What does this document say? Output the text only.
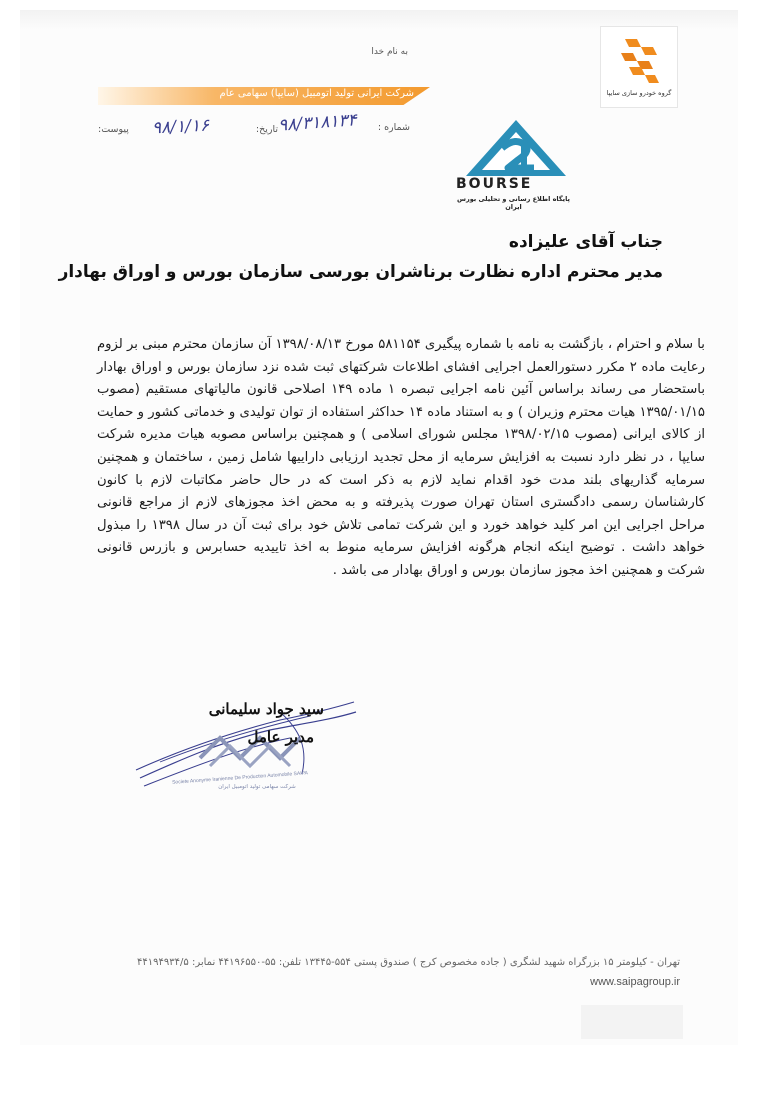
به نام خدا
گروه خودرو سازی سایپا
شرکت ایرانی تولید اتومبیل (سایپا) سهامی عام
شماره :
تاریخ:
پیوست:	۹۸/۳۱۸۱۳۴
۹۸/۱/۱۶
BOURSE
پایگاه اطلاع رسانی و تحلیلی بورس ایران
جناب آقای علیزاده
مدیر محترم اداره نظارت برناشران بورسی سازمان بورس و اوراق بهادار

با سلام و احترام ، بازگشت به نامه با شماره پیگیری ۵۸۱۱۵۴ مورخ ۱۳۹۸/۰۸/۱۳ آن سازمان محترم مبنی بر لزوم رعایت ماده ۲ مکرر دستورالعمل اجرایی افشای اطلاعات شرکتهای ثبت شده نزد سازمان بورس و اوراق بهادار باستحضار می رساند براساس آئین نامه اجرایی تبصره ۱ ماده ۱۴۹ اصلاحی قانون مالیاتهای مستقیم (مصوب ۱۳۹۵/۰۱/۱۵ هیات محترم وزیران ) و به استناد ماده ۱۴ حداکثر استفاده از توان تولیدی و خدماتی کشور و حمایت از کالای ایرانی (مصوب ۱۳۹۸/۰۲/۱۵ مجلس شورای اسلامی ) و همچنین براساس مصوبه هیات مدیره شرکت سایپا ، در نظر دارد نسبت به افزایش سرمایه از محل تجدید ارزیابی داراییها شامل زمین ، ساختمان و همچنین سرمایه گذاریهای بلند مدت خود اقدام نماید لازم به ذکر است که در حال حاضر مکاتبات لازم با کانون کارشناسان رسمی دادگستری استان تهران صورت پذیرفته و به محض اخذ مجوزهای لازم از مراجع قانونی مراحل اجرایی این امر کلید خواهد خورد و این شرکت تمامی تلاش خود برای ثبت آن در سال ۱۳۹۸ را مبذول خواهد داشت . توضیح اینکه انجام هرگونه افزایش سرمایه منوط به اخذ تاییدیه حسابرس و بازرس قانونی شرکت و همچنین اخذ مجوز سازمان بورس و اوراق بهادار می باشد .

سید جواد سلیمانی
مدیر عامل
Societe Anonyme Iranienne De Production Automobile SAIPA
شرکت سهامی تولید اتومبیل ایران
تهران - کیلومتر ۱۵ بزرگراه شهید لشگری ( جاده مخصوص کرج ) صندوق پستی ۵۵۴-۱۳۴۴۵ تلفن: ۵۵-۴۴۱۹۶۵۵۰ نمابر: ۴۴۱۹۴۹۳۴/۵
www.saipagroup.ir
